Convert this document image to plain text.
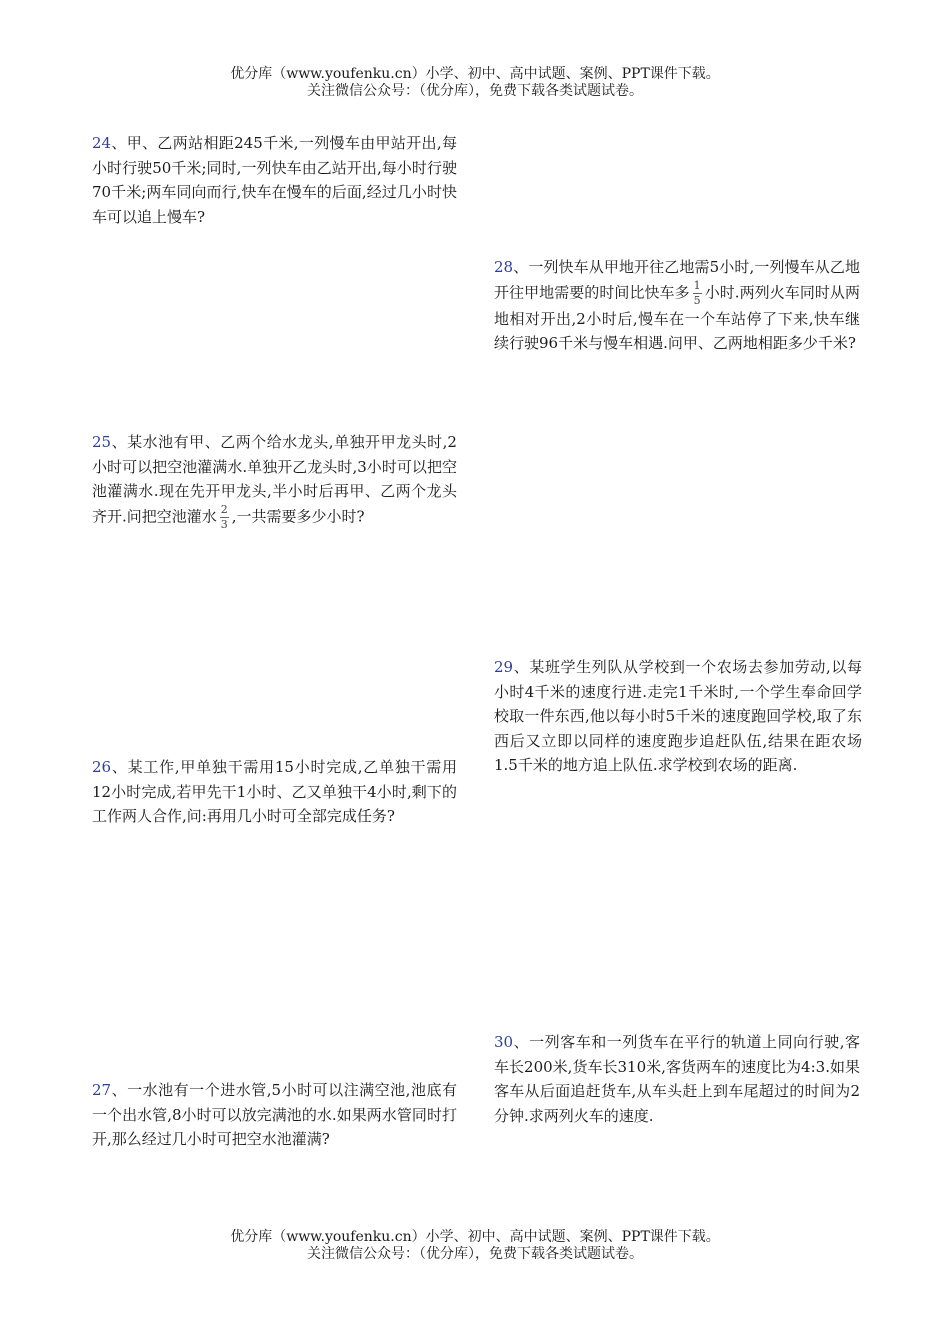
优分库（www.youfenku.cn）小学、初中、高中试题、案例、PPT课件下载。
关注微信公众号：（优分库），免费下载各类试题试卷。
24、甲、乙两站相距245千米,一列慢车由甲站开出,每小时行驶50千米;同时,一列快车由乙站开出,每小时行驶70千米;两车同向而行,快车在慢车的后面,经过几小时快车可以追上慢车?
28、一列快车从甲地开往乙地需5小时,一列慢车从乙地开往甲地需要的时间比快车多 $\frac{1}{5}$ 小时.两列火车同时从两地相对开出,2小时后,慢车在一个车站停了下来,快车继续行驶96千米与慢车相遇.问甲、乙两地相距多少千米?
25、某水池有甲、乙两个给水龙头,单独开甲龙头时,2小时可以把空池灌满水.单独开乙龙头时,3小时可以把空池灌满水.现在先开甲龙头,半小时后再甲、乙两个龙头齐开.问把空池灌水 $\frac{2}{3}$ ,一共需要多少小时?
29、某班学生列队从学校到一个农场去参加劳动,以每小时4千米的速度行进.走完1千米时,一个学生奉命回学校取一件东西,他以每小时5千米的速度跑回学校,取了东西后又立即以同样的速度跑步追赶队伍,结果在距农场1.5千米的地方追上队伍.求学校到农场的距离.
26、某工作,甲单独干需用15小时完成,乙单独干需用12小时完成,若甲先干1小时、乙又单独干4小时,剩下的工作两人合作,问:再用几小时可全部完成任务?
30、一列客车和一列货车在平行的轨道上同向行驶,客车长200米,货车长310米,客货两车的速度比为4:3.如果客车从后面追赶货车,从车头赶上到车尾超过的时间为2分钟.求两列火车的速度.
27、一水池有一个进水管,5小时可以注满空池,池底有一个出水管,8小时可以放完满池的水.如果两水管同时打开,那么经过几小时可把空水池灌满?
优分库（www.youfenku.cn）小学、初中、高中试题、案例、PPT课件下载。
关注微信公众号：（优分库），免费下载各类试题试卷。
